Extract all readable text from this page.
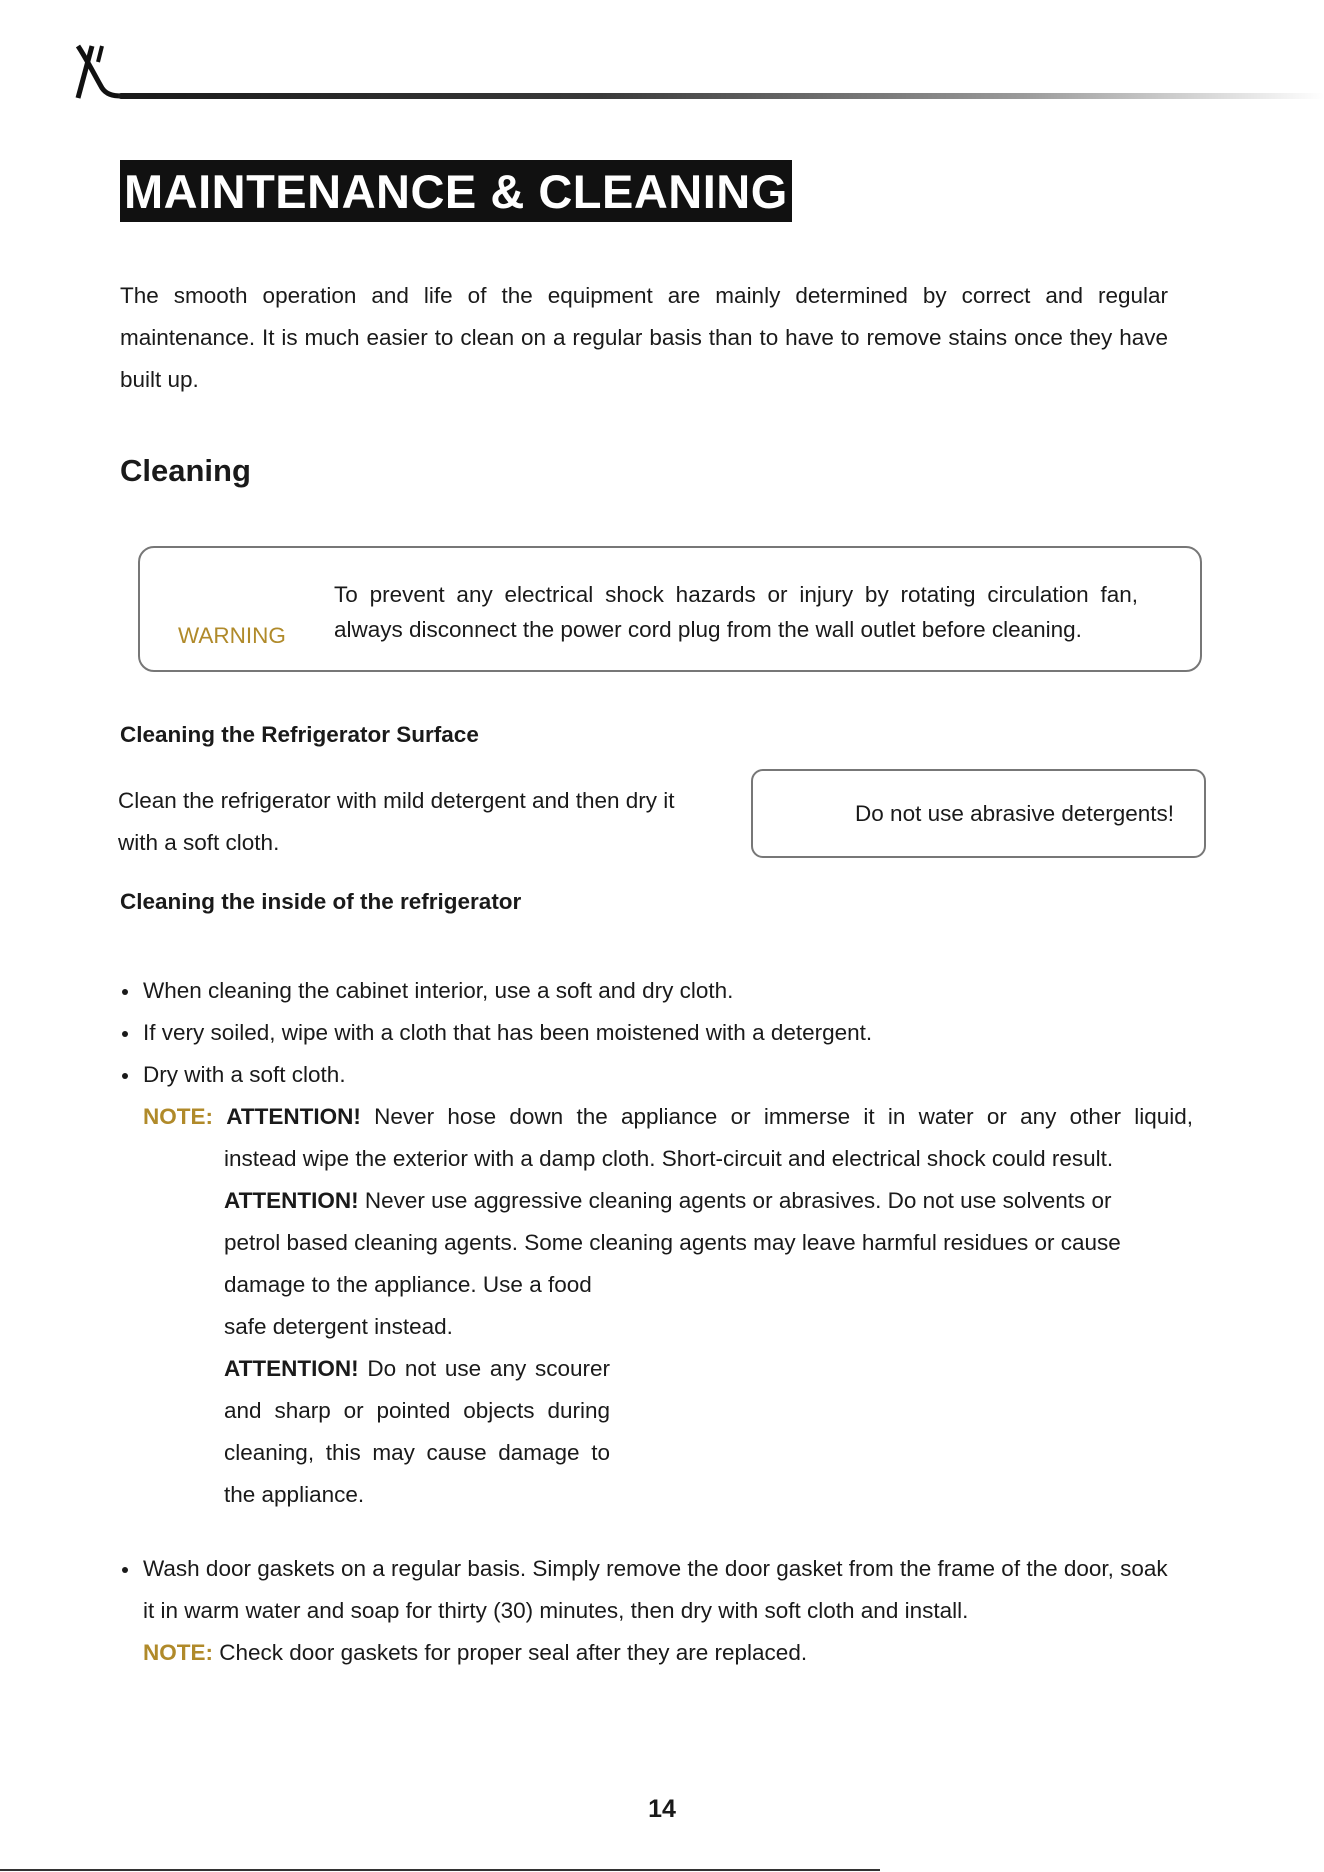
MAINTENANCE & CLEANING
The smooth operation and life of the equipment are mainly determined by correct and regular maintenance. It is much easier to clean on a regular basis than to have to remove stains once they have built up.
Cleaning
WARNING
To prevent any electrical shock hazards or injury by rotating circulation fan,
always disconnect the power cord plug from the wall outlet before cleaning.
Cleaning the Refrigerator Surface
Clean the refrigerator with mild detergent and then dry it
with a soft cloth.
Do not use abrasive detergents!
Cleaning the inside of the refrigerator
When cleaning the cabinet interior, use a soft and dry cloth.
If very soiled, wipe with a cloth that has been moistened with a detergent.
Dry with a soft cloth.
NOTE: ATTENTION! Never hose down the appliance or immerse it in water or any other liquid,
instead wipe the exterior with a damp cloth. Short-circuit and electrical shock could result.
ATTENTION! Never use aggressive cleaning agents or abrasives. Do not use solvents or
petrol based cleaning agents. Some cleaning agents may leave harmful residues or cause
damage to the appliance. Use a food
safe detergent instead.
ATTENTION! Do not use any scourer
and sharp or pointed objects during
cleaning, this may cause damage to
the appliance.
Wash door gaskets on a regular basis. Simply remove the door gasket from the frame of the door, soak
it in warm water and soap for thirty (30) minutes, then dry with soft cloth and install.
NOTE: Check door gaskets for proper seal after they are replaced.
14
